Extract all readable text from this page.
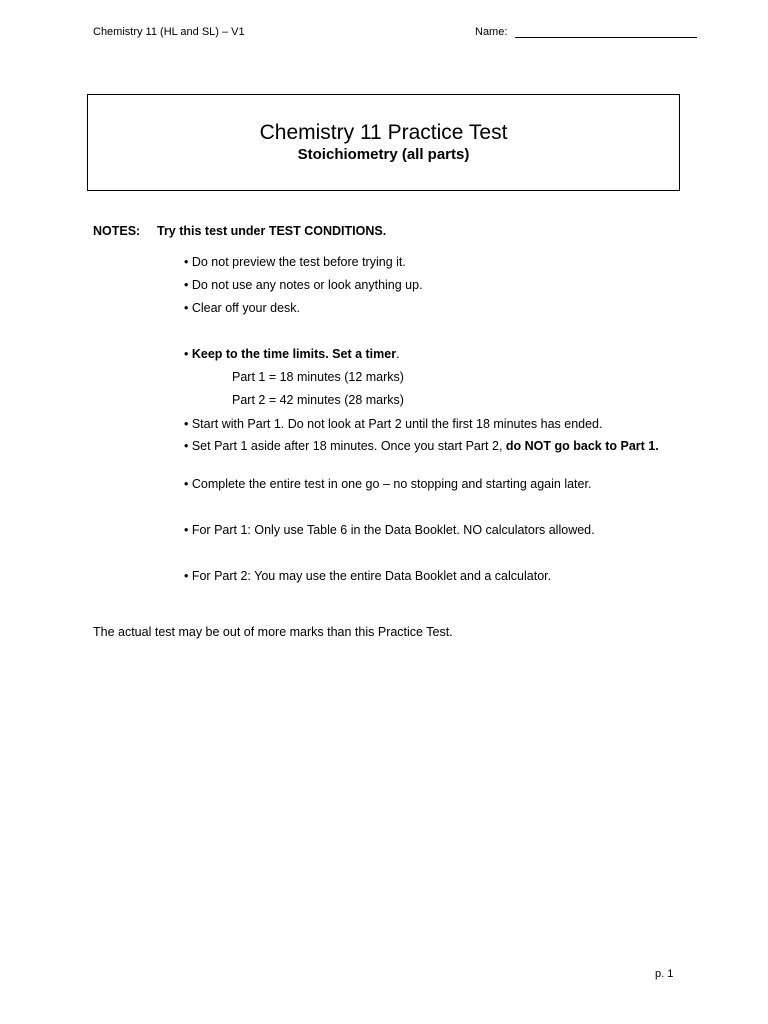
Chemistry 11 (HL and SL) – V1	Name:
Chemistry 11 Practice Test
Stoichiometry (all parts)
NOTES: Try this test under TEST CONDITIONS.
• Do not preview the test before trying it.
• Do not use any notes or look anything up.
• Clear off your desk.
• Keep to the time limits. Set a timer.
Part 1 = 18 minutes (12 marks)
Part 2 = 42 minutes (28 marks)
• Start with Part 1. Do not look at Part 2 until the first 18 minutes has ended.
• Set Part 1 aside after 18 minutes. Once you start Part 2, do NOT go back to Part 1.
• Complete the entire test in one go – no stopping and starting again later.
• For Part 1: Only use Table 6 in the Data Booklet. NO calculators allowed.
• For Part 2: You may use the entire Data Booklet and a calculator.
The actual test may be out of more marks than this Practice Test.
p. 1
